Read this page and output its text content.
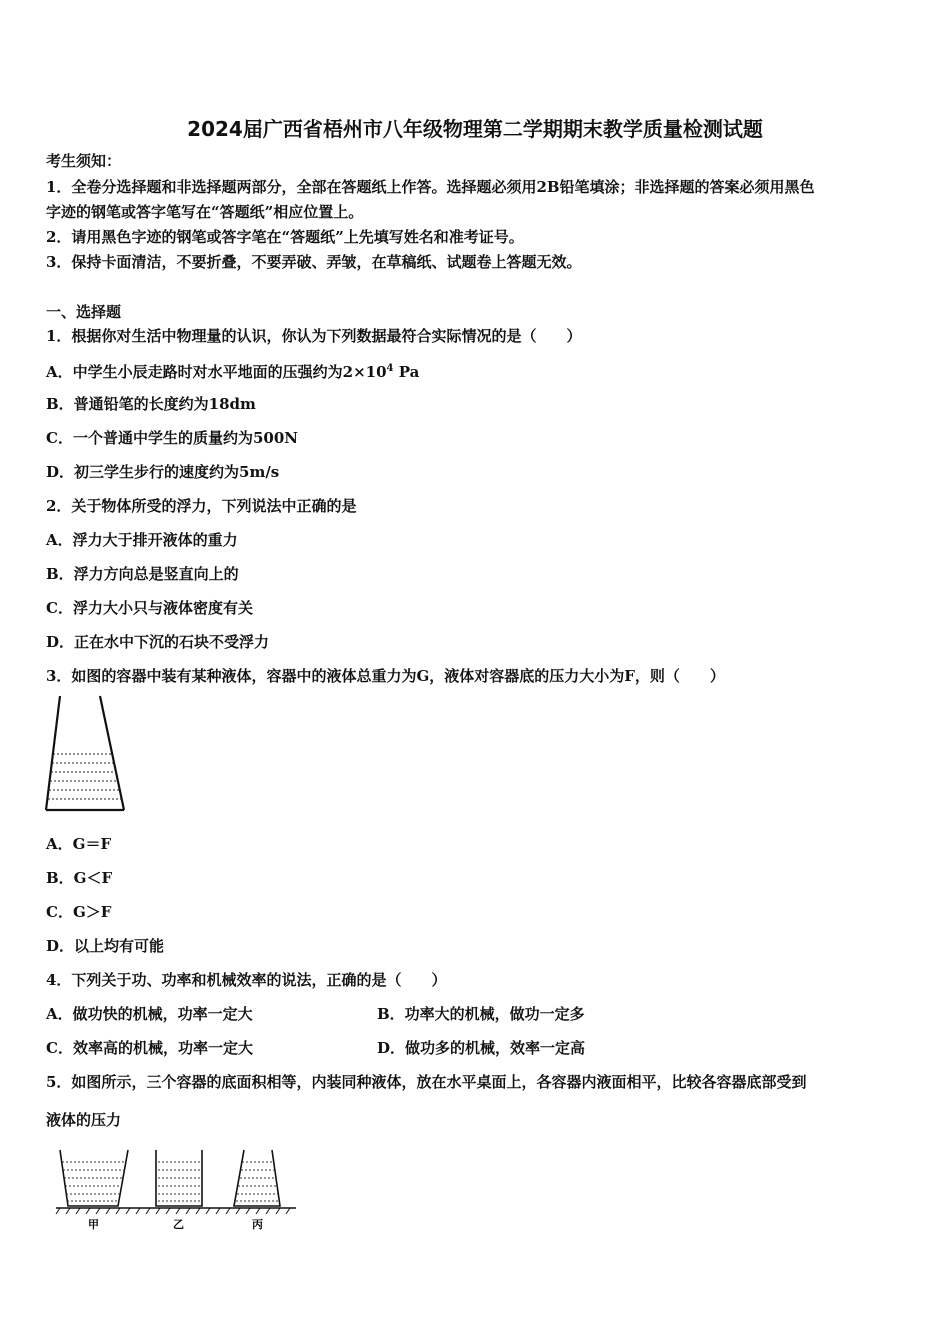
2024届广西省梧州市八年级物理第二学期期末教学质量检测试题
考生须知：
1．全卷分选择题和非选择题两部分，全部在答题纸上作答。选择题必须用2B铅笔填涂；非选择题的答案必须用黑色
字迹的钢笔或答字笔写在“答题纸”相应位置上。
2．请用黑色字迹的钢笔或答字笔在“答题纸”上先填写姓名和准考证号。
3．保持卡面清洁，不要折叠，不要弄破、弄皱，在草稿纸、试题卷上答题无效。
一、选择题
1．根据你对生活中物理量的认识，你认为下列数据最符合实际情况的是（　　）
A．中学生小辰走路时对水平地面的压强约为$2\times 10^4$ Pa
B．普通铅笔的长度约为18dm
C．一个普通中学生的质量约为500N
D．初三学生步行的速度约为5m/s
2．关于物体所受的浮力，下列说法中正确的是
A．浮力大于排开液体的重力
B．浮力方向总是竖直向上的
C．浮力大小只与液体密度有关
D．正在水中下沉的石块不受浮力
3．如图的容器中装有某种液体，容器中的液体总重力为G，液体对容器底的压力大小为F，则（　　）
A．G＝F
B．G＜F
C．G＞F
D．以上均有可能
4．下列关于功、功率和机械效率的说法，正确的是（　　）
A．做功快的机械，功率一定大	B．功率大的机械，做功一定多
C．效率高的机械，功率一定大	D．做功多的机械，效率一定高
5．如图所示，三个容器的底面积相等，内装同种液体，放在水平桌面上，各容器内液面相平，比较各容器底部受到
液体的压力
甲	乙	丙
